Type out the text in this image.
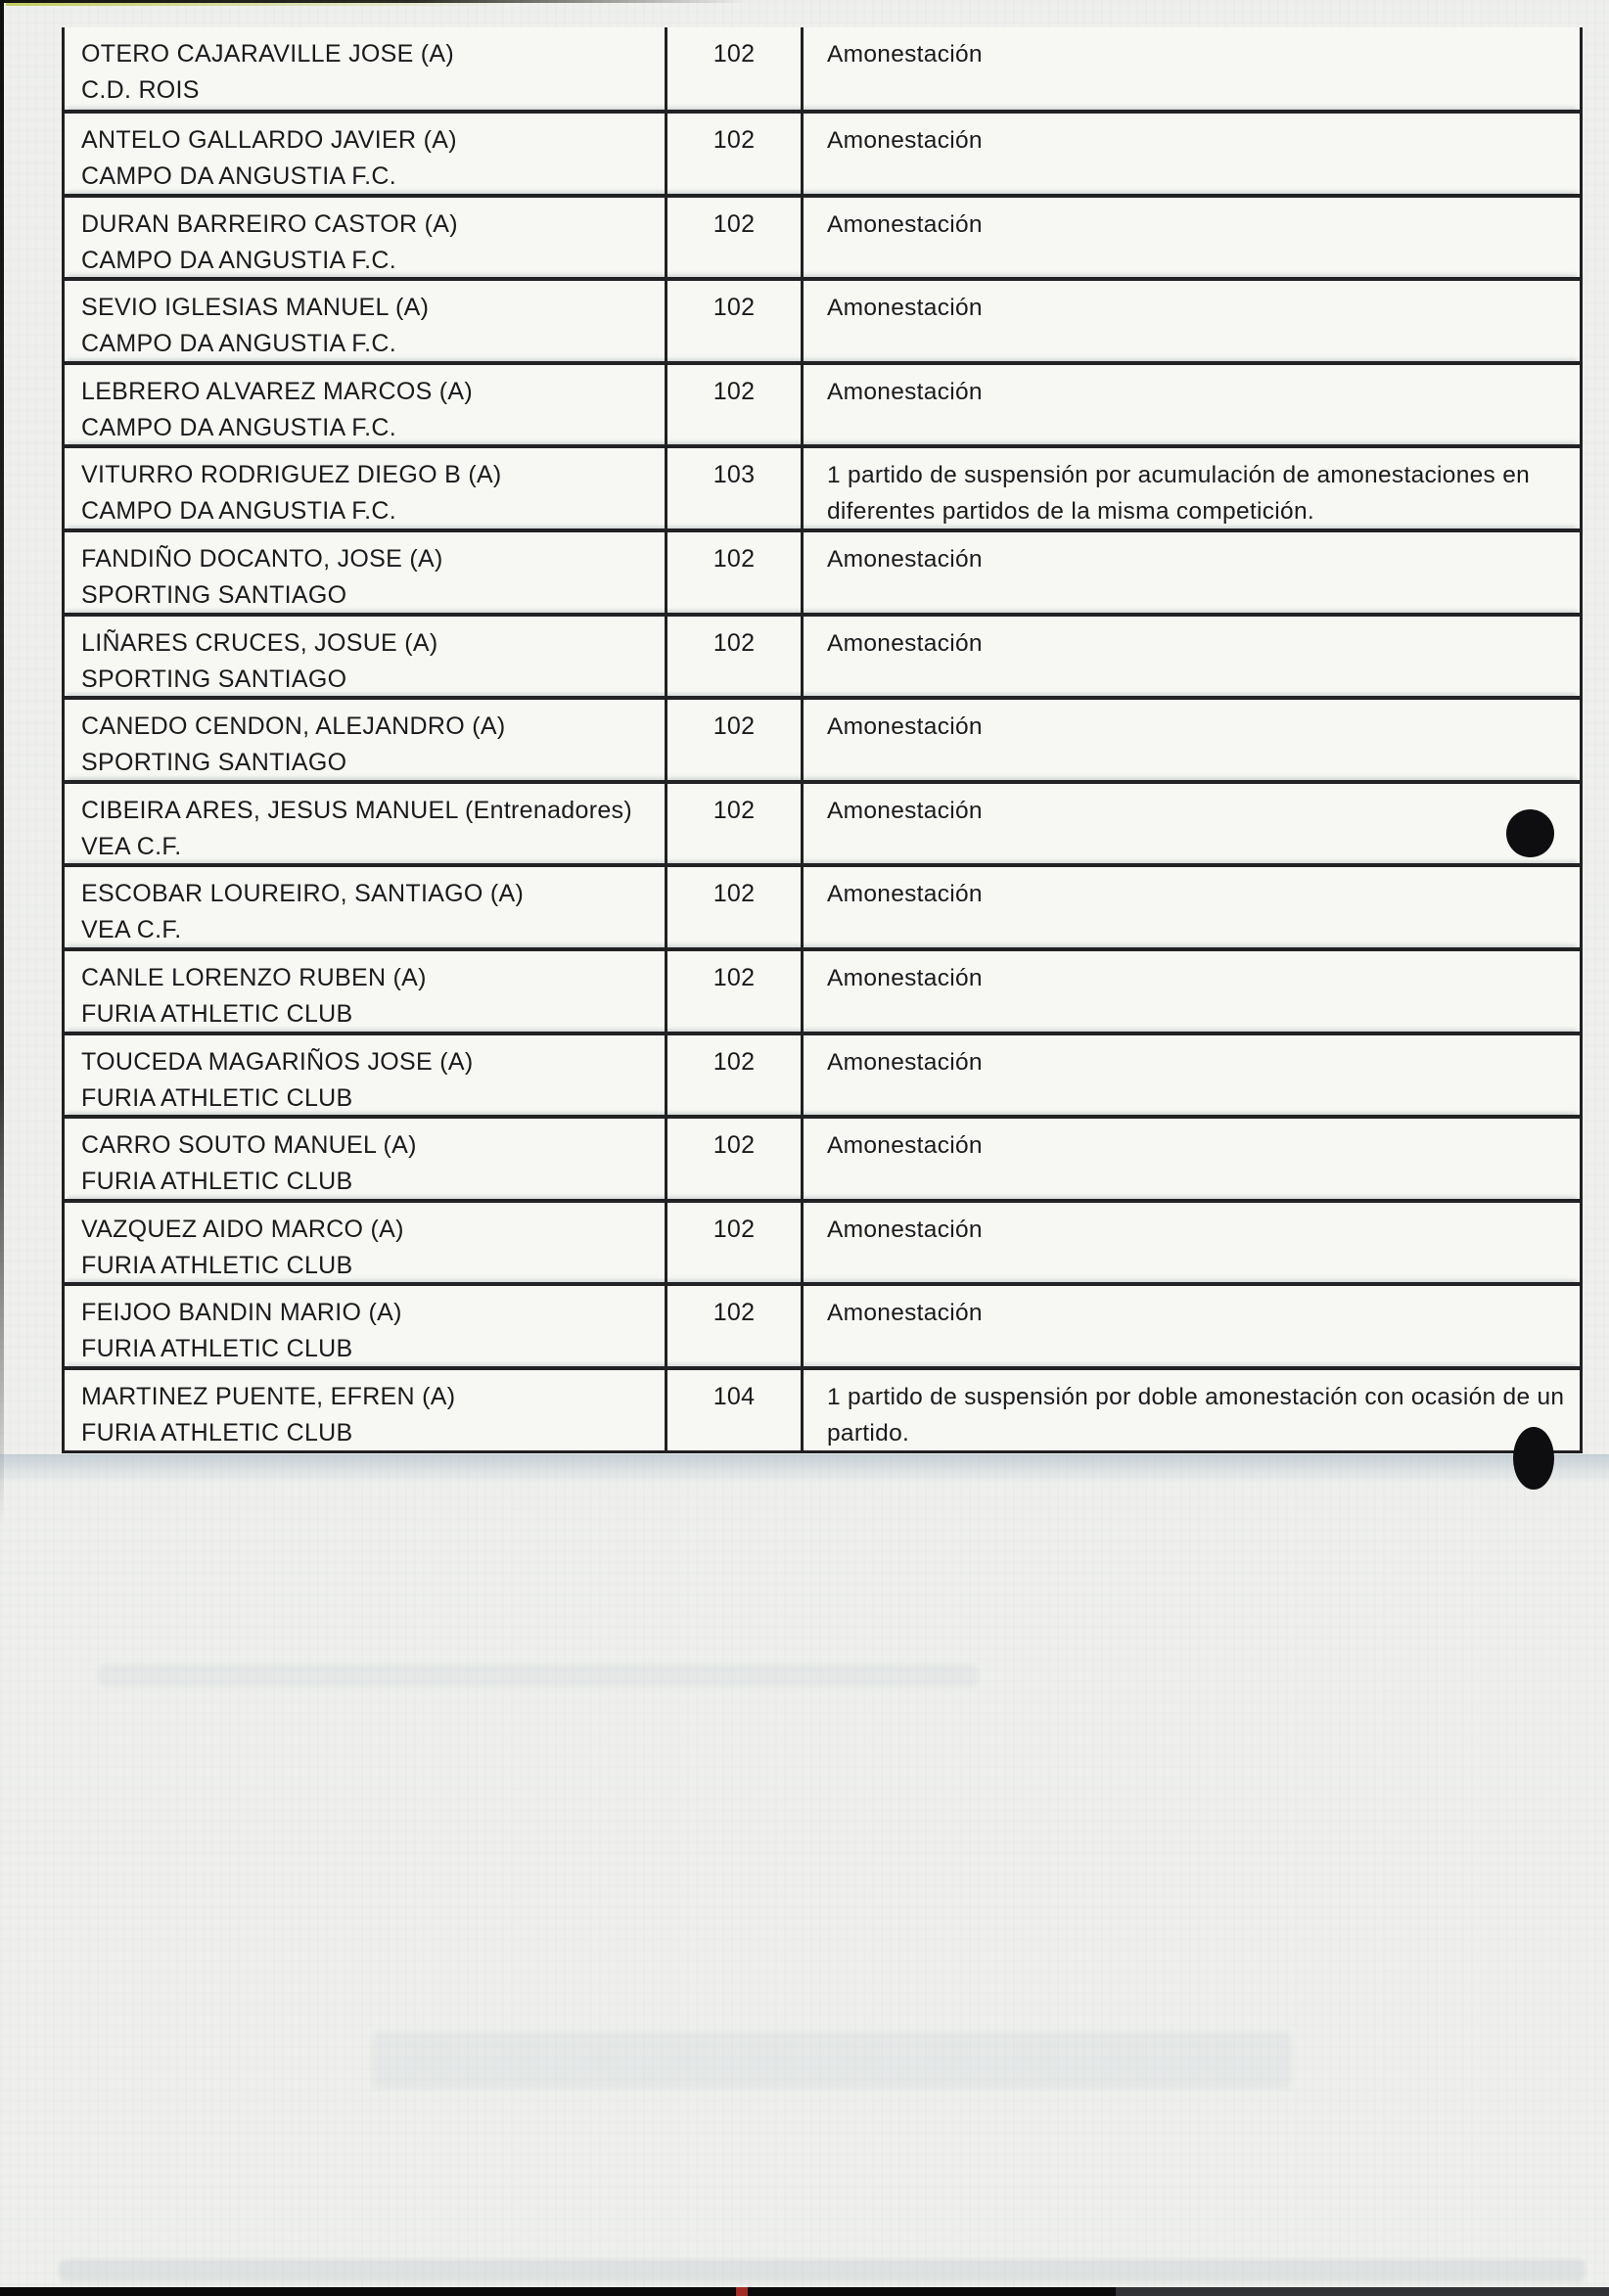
OTERO CAJARAVILLE JOSE (A)
C.D. ROIS
102	Amonestación
ANTELO GALLARDO JAVIER (A)
CAMPO DA ANGUSTIA F.C.
102	Amonestación
DURAN BARREIRO CASTOR (A)
CAMPO DA ANGUSTIA F.C.
102	Amonestación
SEVIO IGLESIAS MANUEL (A)
CAMPO DA ANGUSTIA F.C.
102	Amonestación
LEBRERO ALVAREZ MARCOS (A)
CAMPO DA ANGUSTIA F.C.
102	Amonestación
VITURRO RODRIGUEZ DIEGO B (A)
CAMPO DA ANGUSTIA F.C.
103	1 partido de suspensión por acumulación de amonestaciones en diferentes partidos de la misma competición.
FANDIÑO DOCANTO, JOSE (A)
SPORTING SANTIAGO
102	Amonestación
LIÑARES CRUCES, JOSUE (A)
SPORTING SANTIAGO
102	Amonestación
CANEDO CENDON, ALEJANDRO (A)
SPORTING SANTIAGO
102	Amonestación
CIBEIRA ARES, JESUS MANUEL (Entrenadores)
VEA C.F.
102	Amonestación
ESCOBAR LOUREIRO, SANTIAGO (A)
VEA C.F.
102	Amonestación
CANLE LORENZO RUBEN (A)
FURIA ATHLETIC CLUB
102	Amonestación
TOUCEDA MAGARIÑOS JOSE (A)
FURIA ATHLETIC CLUB
102	Amonestación
CARRO SOUTO MANUEL (A)
FURIA ATHLETIC CLUB
102	Amonestación
VAZQUEZ AIDO MARCO (A)
FURIA ATHLETIC CLUB
102	Amonestación
FEIJOO BANDIN MARIO (A)
FURIA ATHLETIC CLUB
102	Amonestación
MARTINEZ PUENTE, EFREN (A)
FURIA ATHLETIC CLUB
104	1 partido de suspensión por doble amonestación con ocasión de un partido.
